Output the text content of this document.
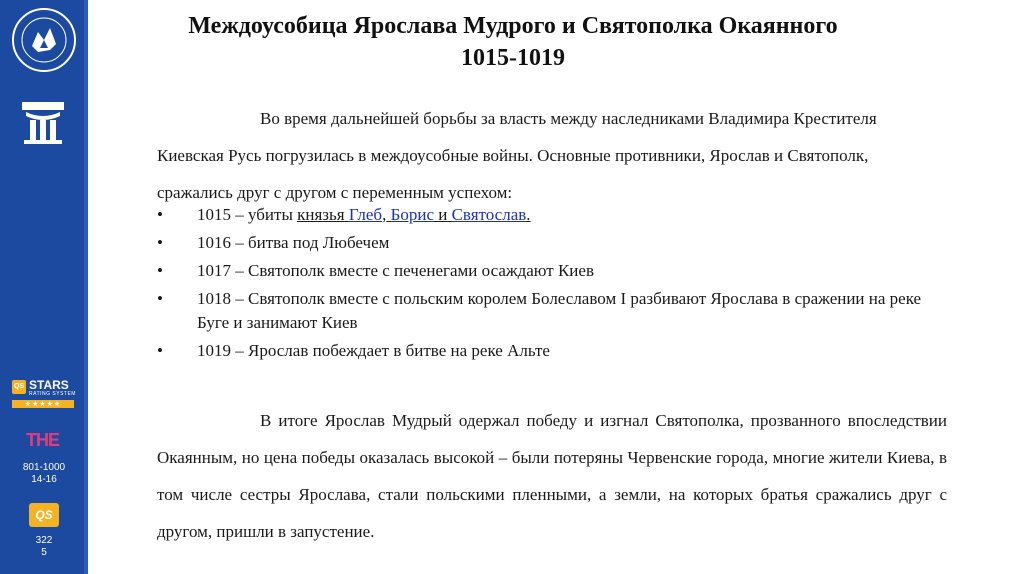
QS STARS
RATING SYSTEM
★★★★★
THE
801-1000
14-16
QS
322
5
Междоусобица Ярослава Мудрого и Святополка Окаянного
1015-1019
Во время дальнейшей борьбы за власть между наследниками Владимира Крестителя Киевская Русь погрузилась в междоусобные войны. Основные противники, Ярослав и Святополк, сражались друг с другом с переменным успехом:
• 1015 – убиты князья Глеб, Борис и Святослав.
• 1016 – битва под Любечем
• 1017 – Святополк вместе с печенегами осаждают Киев
• 1018 – Святополк вместе с польским королем Болеславом I разбивают Ярослава в сражении на реке Буге и занимают Киев
• 1019 – Ярослав побеждает в битве на реке Альте
В итоге Ярослав Мудрый одержал победу и изгнал Святополка, прозванного впоследствии Окаянным, но цена победы оказалась высокой – были потеряны Червенские города, многие жители Киева, в том числе сестры Ярослава, стали польскими пленными, а земли, на которых братья сражались друг с другом, пришли в запустение.
